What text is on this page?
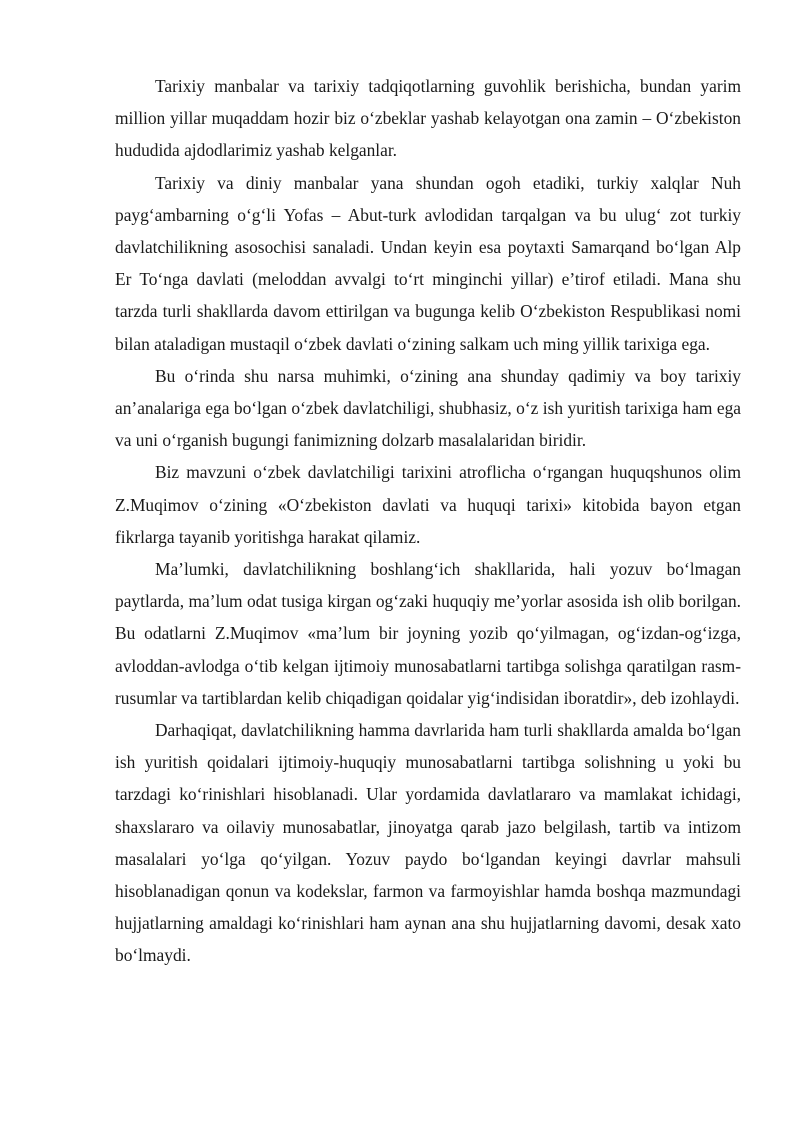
Tarixiy manbalar va tarixiy tadqiqotlarning guvohlik berishicha, bundan yarim million yillar muqaddam hozir biz o‘zbeklar yashab kelayotgan ona zamin – O‘zbekiston hududida ajdodlarimiz yashab kelganlar.

Tarixiy va diniy manbalar yana shundan ogoh etadiki, turkiy xalqlar Nuh payg‘ambarning o‘g‘li Yofas – Abut-turk avlodidan tarqalgan va bu ulug‘ zot turkiy davlatchilikning asosochisi sanaladi. Undan keyin esa poytaxti Samarqand bo‘lgan Alp Er To‘nga davlati (meloddan avvalgi to‘rt minginchi yillar) e’tirof etiladi. Mana shu tarzda turli shakllarda davom ettirilgan va bugunga kelib O‘zbekiston Respublikasi nomi bilan ataladigan mustaqil o‘zbek davlati o‘zining salkam uch ming yillik tarixiga ega.

Bu o‘rinda shu narsa muhimki, o‘zining ana shunday qadimiy va boy tarixiy an’analariga ega bo‘lgan o‘zbek davlatchiligi, shubhasiz, o‘z ish yuritish tarixiga ham ega va uni o‘rganish bugungi fanimizning dolzarb masalalaridan biridir.

Biz mavzuni o‘zbek davlatchiligi tarixini atroflicha o‘rgangan huquqshunos olim Z.Muqimov o‘zining «O‘zbekiston davlati va huquqi tarixi» kitobida bayon etgan fikrlarga tayanib yoritishga harakat qilamiz.

Ma’lumki, davlatchilikning boshlang‘ich shakllarida, hali yozuv bo‘lmagan paytlarda, ma’lum odat tusiga kirgan og‘zaki huquqiy me’yorlar asosida ish olib borilgan. Bu odatlarni Z.Muqimov «ma’lum bir joyning yozib qo‘yilmagan, og‘izdan-og‘izga, avloddan-avlodga o‘tib kelgan ijtimoiy munosabatlarni tartibga solishga qaratilgan rasm-rusumlar va tartiblardan kelib chiqadigan qoidalar yig‘indisidan iboratdir», deb izohlaydi.

Darhaqiqat, davlatchilikning hamma davrlarida ham turli shakllarda amalda bo‘lgan ish yuritish qoidalari ijtimoiy-huquqiy munosabatlarni tartibga solishning u yoki bu tarzdagi ko‘rinishlari hisoblanadi. Ular yordamida davlatlararo va mamlakat ichidagi, shaxslararo va oilaviy munosabatlar, jinoyatga qarab jazo belgilash, tartib va intizom masalalari yo‘lga qo‘yilgan. Yozuv paydo bo‘lgandan keyingi davrlar mahsuli hisoblanadigan qonun va kodekslar, farmon va farmoyishlar hamda boshqa mazmundagi hujjatlarning amaldagi ko‘rinishlari ham aynan ana shu hujjatlarning davomi, desak xato bo‘lmaydi.
